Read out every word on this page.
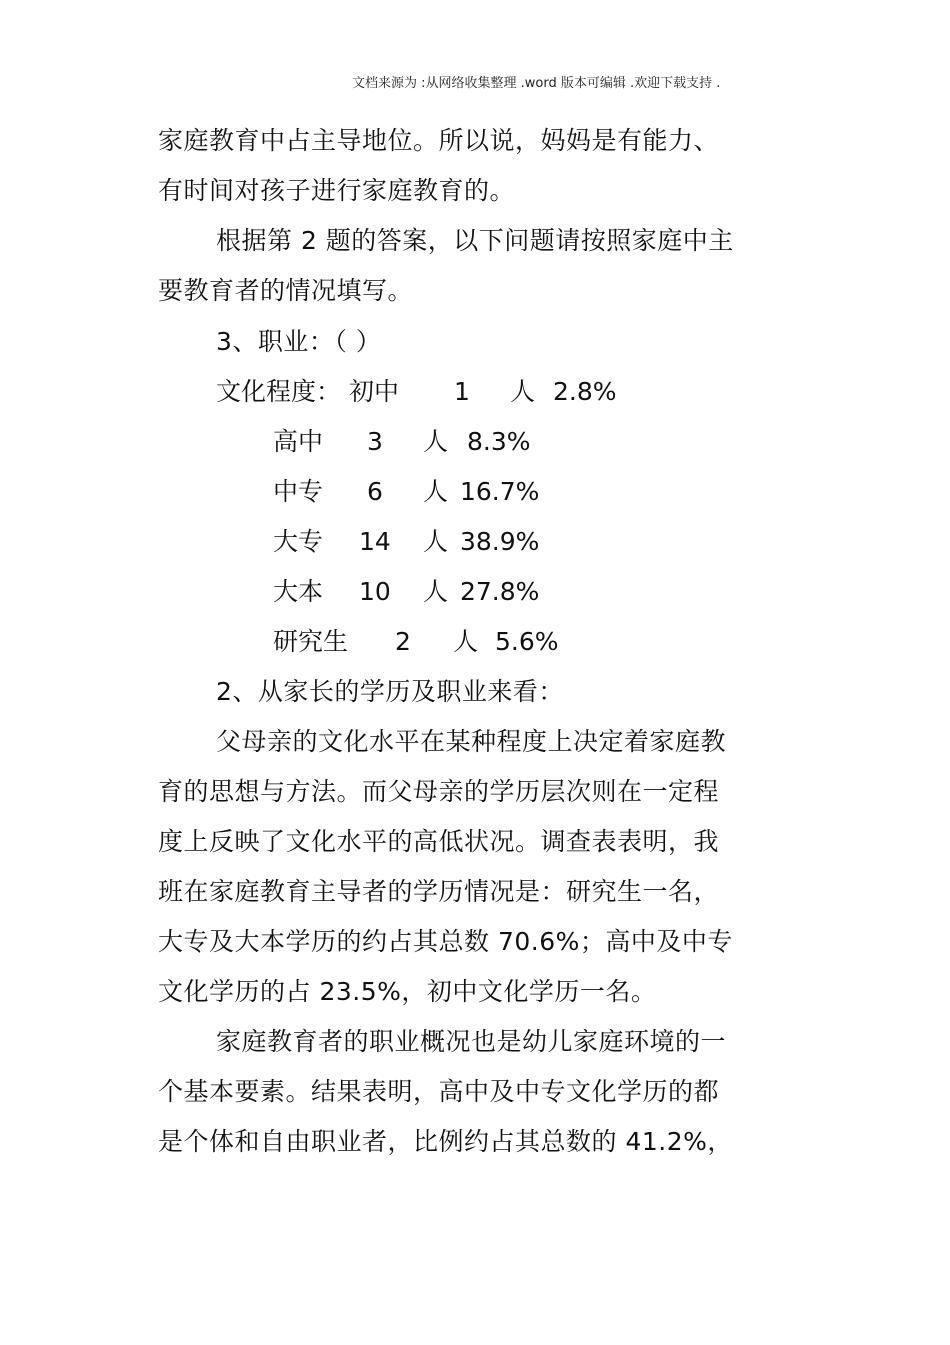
文档来源为 :从网络收集整理 .word 版本可编辑 .欢迎下载支持 .
家庭教育中占主导地位。所以说，妈妈是有能力、
有时间对孩子进行家庭教育的。
根据第 2 题的答案，以下问题请按照家庭中主
要教育者的情况填写。
3、职业：（ ）
文化程度： 初中 1 人 2.8%
高中 3 人 8.3%
中专 6 人 16.7%
大专 14 人 38.9%
大本 10 人 27.8%
研究生 2 人 5.6%
2、从家长的学历及职业来看：
父母亲的文化水平在某种程度上决定着家庭教
育的思想与方法。而父母亲的学历层次则在一定程
度上反映了文化水平的高低状况。调查表表明，我
班在家庭教育主导者的学历情况是：研究生一名，
大专及大本学历的约占其总数 70.6%；高中及中专
文化学历的占 23.5%，初中文化学历一名。
家庭教育者的职业概况也是幼儿家庭环境的一
个基本要素。结果表明，高中及中专文化学历的都
是个体和自由职业者，比例约占其总数的 41.2%，
